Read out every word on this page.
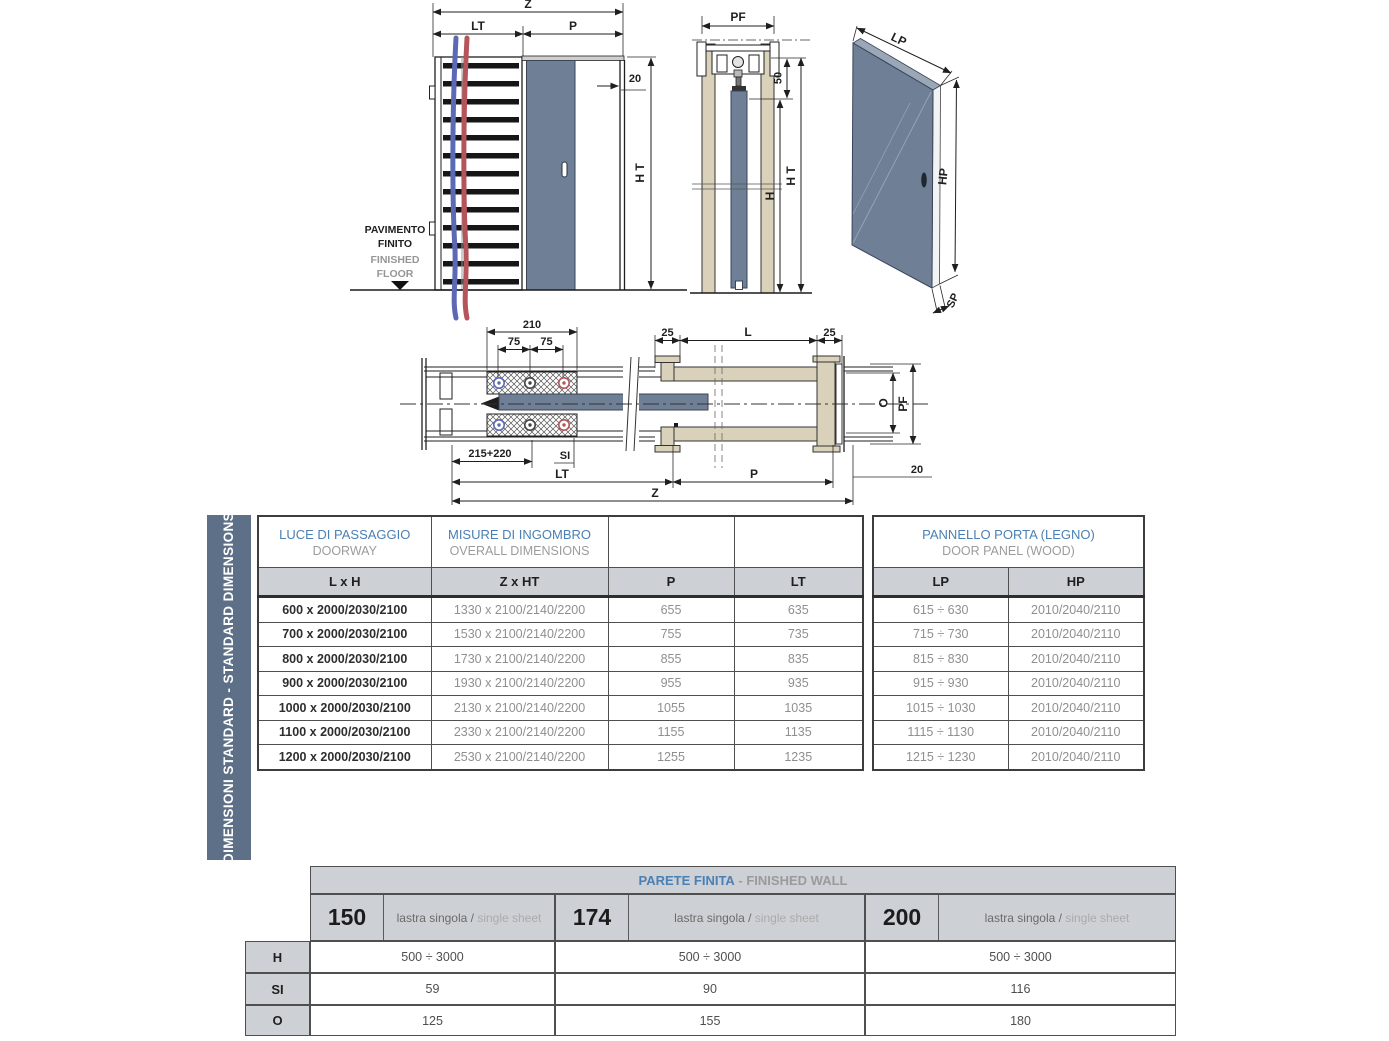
Z
LT	P
20
H T
PAVIMENTO
FINITO
FINISHED
FLOOR
PF
50
H
H T
LP
HP
SP
210
75 75
25	L	25
215+220	SI
LT	P	20
Z
O PF
DIMENSIONI STANDARD - STANDARD DIMENSIONS	LUCE DI PASSAGGIO
DOORWAY

MISURE DI INGOMBRO
OVERALL DIMENSIONS

L x H	Z x HT	P	LT
600 x 2000/2030/2100	1330 x 2100/2140/2200	655	635
700 x 2000/2030/2100	1530 x 2100/2140/2200	755	735
800 x 2000/2030/2100	1730 x 2100/2140/2200	855	835
900 x 2000/2030/2100	1930 x 2100/2140/2200	955	935
1000 x 2000/2030/2100	2130 x 2100/2140/2200	1055	1035
1100 x 2000/2030/2100	2330 x 2100/2140/2200	1155	1135
1200 x 2000/2030/2100	2530 x 2100/2140/2200	1255	1235
PANNELLO PORTA (LEGNO)
DOOR PANEL (WOOD)	

LP	HP
615 ÷ 630	2010/2040/2110
715 ÷ 730	2010/2040/2110
815 ÷ 830	2010/2040/2110
915 ÷ 930	2010/2040/2110
1015 ÷ 1030	2010/2040/2110
1115 ÷ 1130	2010/2040/2110
1215 ÷ 1230	2010/2040/2110
PARETE FINITA - FINISHED WALL
150	lastra singola / single sheet	174	lastra singola / single sheet	200	lastra singola / single sheet
H	500 ÷ 3000	500 ÷ 3000	500 ÷ 3000
SI	59	90	116
O	125	155	180
